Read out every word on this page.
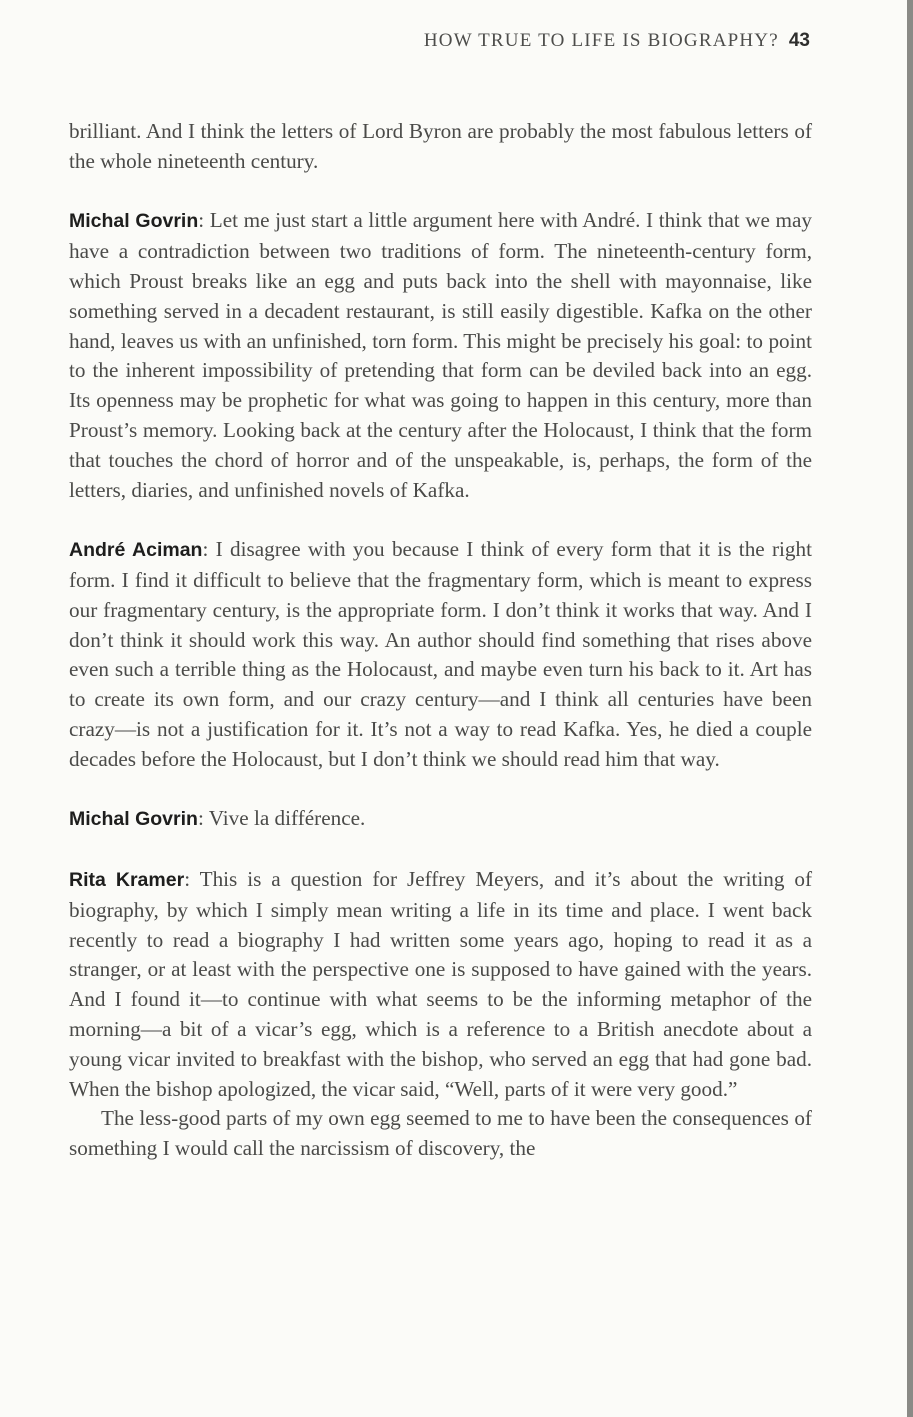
HOW TRUE TO LIFE IS BIOGRAPHY? 43

brilliant. And I think the letters of Lord Byron are probably the most fabulous letters of the whole nineteenth century.

Michal Govrin: Let me just start a little argument here with André. I think that we may have a contradiction between two traditions of form. The nineteenth-century form, which Proust breaks like an egg and puts back into the shell with mayonnaise, like something served in a decadent restaurant, is still easily digestible. Kafka on the other hand, leaves us with an unfinished, torn form. This might be precisely his goal: to point to the inherent impossibility of pretending that form can be deviled back into an egg. Its openness may be prophetic for what was going to happen in this century, more than Proust’s memory. Looking back at the century after the Holocaust, I think that the form that touches the chord of horror and of the unspeakable, is, perhaps, the form of the letters, diaries, and unfinished novels of Kafka.

André Aciman: I disagree with you because I think of every form that it is the right form. I find it difficult to believe that the fragmentary form, which is meant to express our fragmentary century, is the appropriate form. I don’t think it works that way. And I don’t think it should work this way. An author should find something that rises above even such a terrible thing as the Holocaust, and maybe even turn his back to it. Art has to create its own form, and our crazy century—and I think all centuries have been crazy—is not a justification for it. It’s not a way to read Kafka. Yes, he died a couple decades before the Holocaust, but I don’t think we should read him that way.

Michal Govrin: Vive la différence.

Rita Kramer: This is a question for Jeffrey Meyers, and it’s about the writing of biography, by which I simply mean writing a life in its time and place. I went back recently to read a biography I had written some years ago, hoping to read it as a stranger, or at least with the perspective one is supposed to have gained with the years. And I found it—to continue with what seems to be the informing metaphor of the morning—a bit of a vicar’s egg, which is a reference to a British anecdote about a young vicar invited to breakfast with the bishop, who served an egg that had gone bad. When the bishop apologized, the vicar said, “Well, parts of it were very good.”

The less-good parts of my own egg seemed to me to have been the consequences of something I would call the narcissism of discovery, the
